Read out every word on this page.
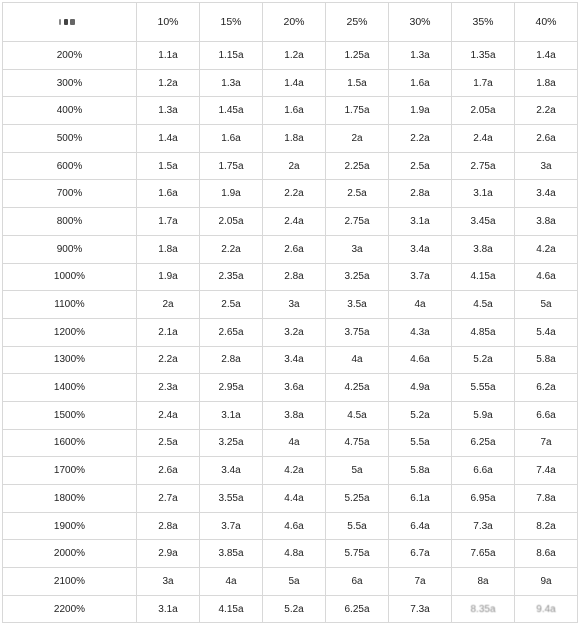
	10%	15%	20%	25%	30%	35%	40%
200%	1.1a	1.15a	1.2a	1.25a	1.3a	1.35a	1.4a
300%	1.2a	1.3a	1.4a	1.5a	1.6a	1.7a	1.8a
400%	1.3a	1.45a	1.6a	1.75a	1.9a	2.05a	2.2a
500%	1.4a	1.6a	1.8a	2a	2.2a	2.4a	2.6a
600%	1.5a	1.75a	2a	2.25a	2.5a	2.75a	3a
700%	1.6a	1.9a	2.2a	2.5a	2.8a	3.1a	3.4a
800%	1.7a	2.05a	2.4a	2.75a	3.1a	3.45a	3.8a
900%	1.8a	2.2a	2.6a	3a	3.4a	3.8a	4.2a
1000%	1.9a	2.35a	2.8a	3.25a	3.7a	4.15a	4.6a
1100%	2a	2.5a	3a	3.5a	4a	4.5a	5a
1200%	2.1a	2.65a	3.2a	3.75a	4.3a	4.85a	5.4a
1300%	2.2a	2.8a	3.4a	4a	4.6a	5.2a	5.8a
1400%	2.3a	2.95a	3.6a	4.25a	4.9a	5.55a	6.2a
1500%	2.4a	3.1a	3.8a	4.5a	5.2a	5.9a	6.6a
1600%	2.5a	3.25a	4a	4.75a	5.5a	6.25a	7a
1700%	2.6a	3.4a	4.2a	5a	5.8a	6.6a	7.4a
1800%	2.7a	3.55a	4.4a	5.25a	6.1a	6.95a	7.8a
1900%	2.8a	3.7a	4.6a	5.5a	6.4a	7.3a	8.2a
2000%	2.9a	3.85a	4.8a	5.75a	6.7a	7.65a	8.6a
2100%	3a	4a	5a	6a	7a	8a	9a
2200%	3.1a	4.15a	5.2a	6.25a	7.3a	8.35a	9.4a
